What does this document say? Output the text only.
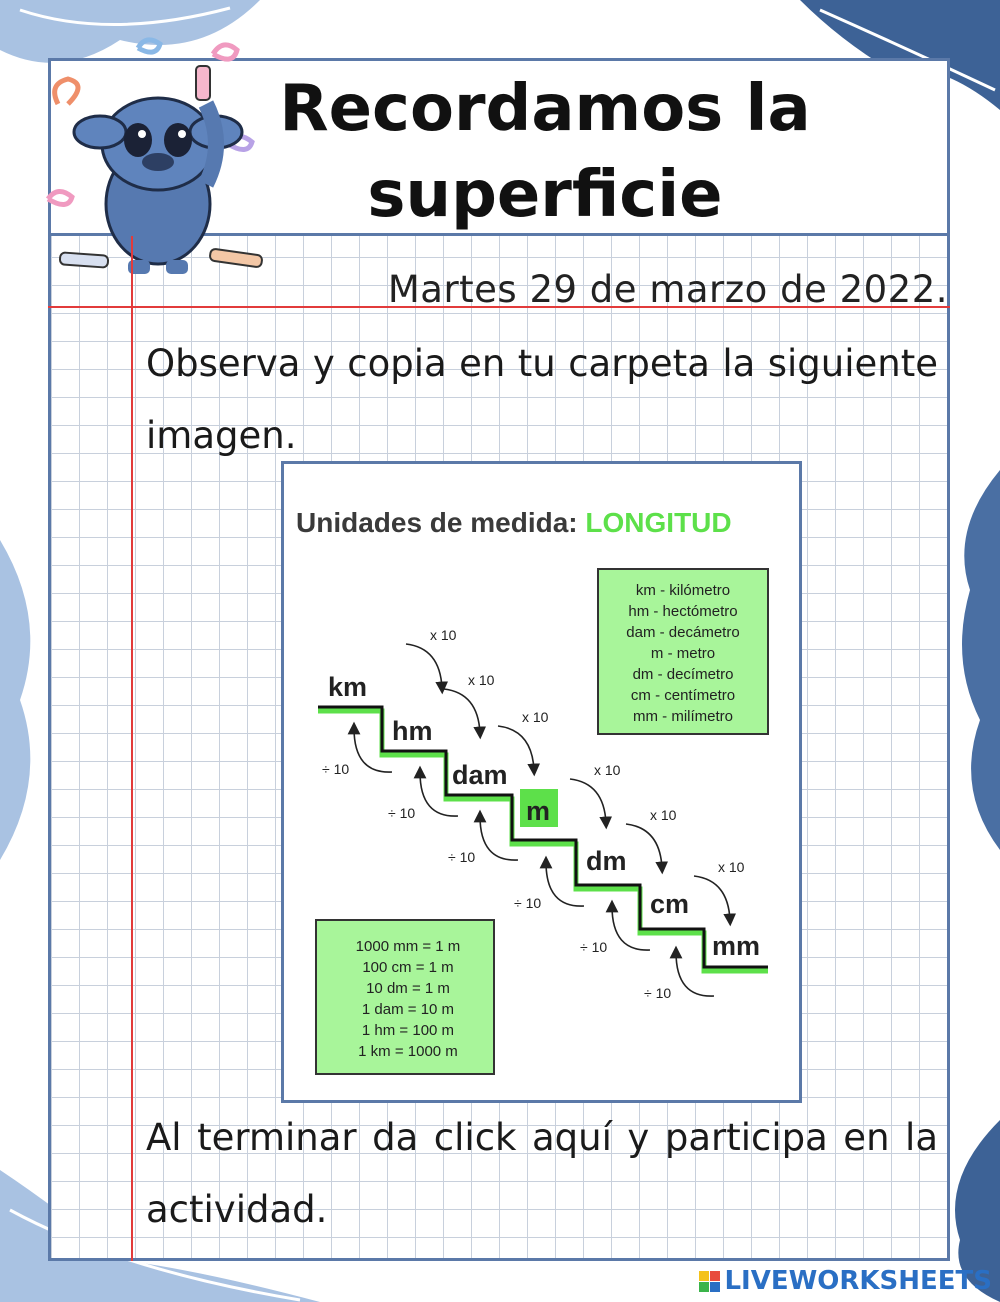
Recordamos la
superficie
Martes 29 de marzo de 2022.
Observa y copia en tu carpeta la siguiente imagen.
Unidades de medida: LONGITUD
km - kilómetro
hm - hectómetro
dam - decámetro
m - metro
dm - decímetro
cm - centímetro
mm - milímetro
km
hm
dam
m
dm
cm
mm
x 10
÷ 10
x 10
÷ 10
x 10
÷ 10
x 10
÷ 10
x 10
÷ 10
x 10
÷ 10
1000 mm = 1 m
100 cm = 1 m
10 dm = 1 m
1 dam = 10 m
1 hm = 100 m
1 km = 1000 m
Al terminar da click aquí y participa en la actividad.
LIVEWORKSHEETS
